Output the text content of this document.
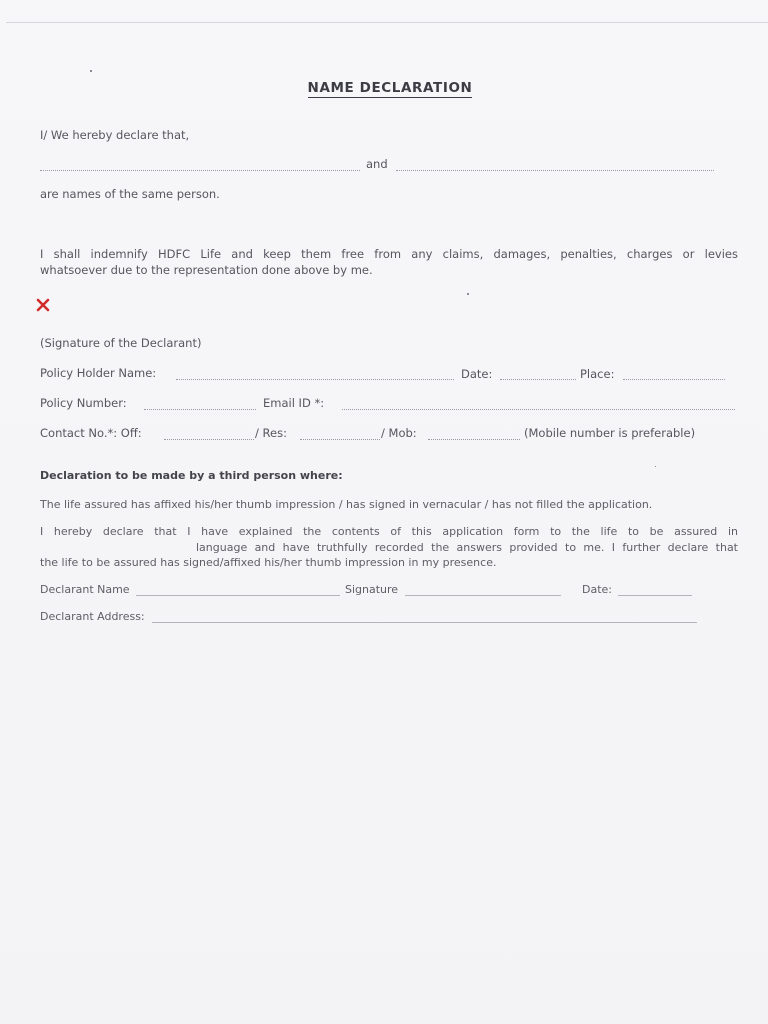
NAME DECLARATION
I/ We hereby declare that,
and
are names of the same person.
I shall indemnify HDFC Life and keep them free from any claims, damages, penalties, charges or levies
whatsoever due to the representation done above by me.
(Signature of the Declarant)
Policy Holder Name:	Date:	Place:
Policy Number:	Email ID *:
Contact No.*: Off:	/ Res:	/ Mob:	(Mobile number is preferable)
Declaration to be made by a third person where:
The life assured has affixed his/her thumb impression / has signed in vernacular / has not filled the application.
I hereby declare that I have explained the contents of this application form to the life to be assured in
language and have truthfully recorded the answers provided to me. I further declare that
the life to be assured has signed/affixed his/her thumb impression in my presence.
Declarant Name	Signature	Date:
Declarant Address:
